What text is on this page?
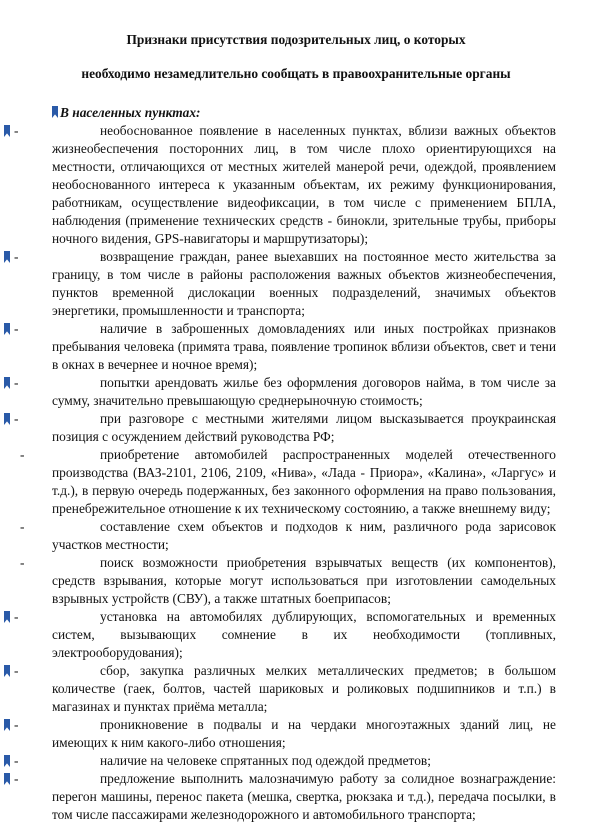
Признаки присутствия подозрительных лиц, о которых
необходимо незамедлительно сообщать в правоохранительные органы
В населенных пунктах:

-	необоснованное появление в населенных пунктах, вблизи важных объектов жизнеобеспечения посторонних лиц, в том числе плохо ориентирующихся на местности, отличающихся от местных жителей манерой речи, одеждой, проявлением необоснованного интереса к указанным объектам, их режиму функционирования, работникам, осуществление видеофиксации, в том числе с применением БПЛА, наблюдения (применение технических средств - бинокли, зрительные трубы, приборы ночного видения, GPS-навигаторы и маршрутизаторы);

-	возвращение граждан, ранее выехавших на постоянное место жительства за границу, в том числе в районы расположения важных объектов жизнеобеспечения, пунктов временной дислокации военных подразделений, значимых объектов энергетики, промышленности и транспорта;

-	наличие в заброшенных домовладениях или иных постройках признаков пребывания человека (примята трава, появление тропинок вблизи объектов, свет и тени в окнах в вечернее и ночное время);

-	попытки арендовать жилье без оформления договоров найма, в том числе за сумму, значительно превышающую среднерыночную стоимость;

-	при разговоре с местными жителями лицом высказывается проукраинская позиция с осуждением действий руководства РФ;

-	приобретение автомобилей распространенных моделей отечественного производства (ВАЗ-2101, 2106, 2109, «Нива», «Лада - Приора», «Калина», «Ларгус» и т.д.), в первую очередь подержанных, без законного оформления на право пользования, пренебрежительное отношение к их техническому состоянию, а также внешнему виду;

-	составление схем объектов и подходов к ним, различного рода зарисовок участков местности;

-	поиск возможности приобретения взрывчатых веществ (их компонентов), средств взрывания, которые могут использоваться при изготовлении самодельных взрывных устройств (СВУ), а также штатных боеприпасов;

-	установка на автомобилях дублирующих, вспомогательных и временных систем, вызывающих сомнение в их необходимости (топливных, электрооборудования);

-	сбор, закупка различных мелких металлических предметов; в большом количестве (гаек, болтов, частей шариковых и роликовых подшипников и т.п.) в магазинах и пунктах приёма металла;

-	проникновение в подвалы и на чердаки многоэтажных зданий лиц, не имеющих к ним какого-либо отношения;

-	наличие на человеке спрятанных под одеждой предметов;

-	предложение выполнить малозначимую работу за солидное вознаграждение: перегон машины, перенос пакета (мешка, свертка, рюкзака и т.д.), передача посылки, в том числе пассажирами железнодорожного и автомобильного транспорта;
